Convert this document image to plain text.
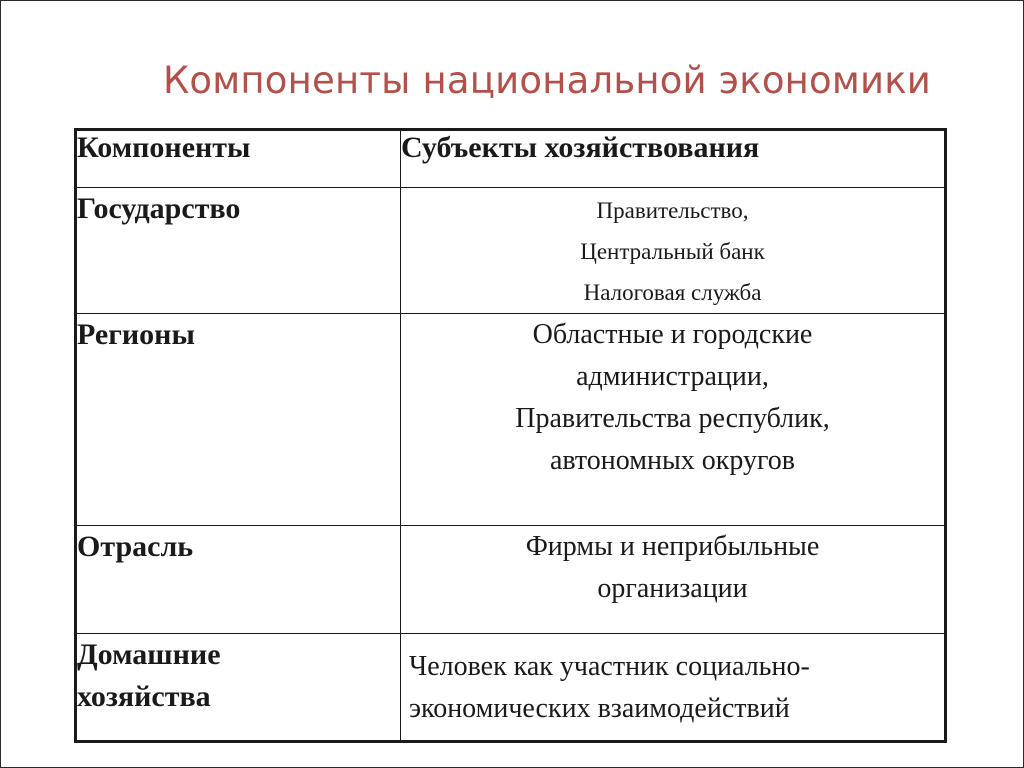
Компоненты национальной экономики
Компоненты	Субъекты хозяйствования

Государство	Правительство,
Центральный банк
Налоговая служба

Регионы	Областные и городские
администрации,
Правительства республик,
автономных округов

Отрасль	Фирмы и неприбыльные
организации

Домашние
хозяйства	Человек как участник социально-
экономических взаимодействий
